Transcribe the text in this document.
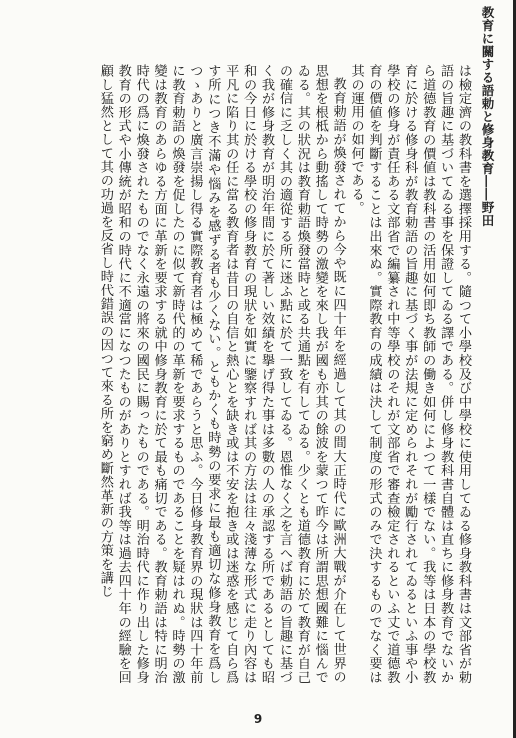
教育に關する語勅と修身教育――野田

は檢定濟の教科書を選擇採用する。隨つて小學校及び中學校に使用してゐる修身教科書は文部省が勅語の旨趣に基づいてゐる事を保證してゐる譯である。併し修身教科書自體は直ちに修身教育でないから道德教育の價値は教科書の活用如何即ち教師の働き如何によつて一樣でない。我等は日本の學校教育に於ける修身科が教育勅語の旨趣に基づく事が法規に定められそれが勵行されてゐるといふ事や小學校の修身が責任ある文部省で編纂され中等學校のそれが文部省で審查檢定されるといふ丈で道德教育の價値を判斷することは出來ぬ。實際教育の成績は決して制度の形式のみで決するものでなく要は其の運用の如何である。

教育勅語が煥發されてから今や既に四十年を經過して其の間大正時代に歐洲大戰が介在して世界の思想を根柢から動搖して時勢の激變を來し我が國も亦其の餘波を蒙つて昨今は所謂思想國難に惱んでゐる。其の狀況は教育勅語煥發當時と或る共通點を有してゐる。少くとも道德教育に於て教育が自己の確信に乏しく其の適從する所に迷ふ點に於て一致してゐる。恩惟なく之を言へば勅語の旨趣に基づく我が修身教育が明治年間に於て著しい效績を擧げ得た事は多數の人の承認する所であるとしても昭和の今日に於ける學校の修身教育の現狀を如實に鑒察すれば其の方法は往々淺薄な形式に走り內容は平凡に陷り其の任に當る教育者は昔日の自信と熱心とを缺き或は不安を抱き或は迷惑を感じて自ら爲す所につき不滿や惱みを感ずる者も少くない。ともかくも時勢の要求に最も適切な修身教育を爲しつゝありと廣言崇揚し得る實際教育者は極めて稀であらうと思ふ。今日修身教育界の現狀は四十年前に教育勅語の煥發を促したのに似て新時代的の革新を要求するものであることを疑はれぬ。時勢の激變は教育のあらゆる方面に革新を要求する就中修身教育に於て最も痛切である。教育勅語は特に明治時代の爲に煥發されたものでなく永遠の將來の國民に賜ったものである。明治時代に作り出した修身教育の形式や小傳統が昭和の時代に不適當になつたものがありとすれば我等は過去四十年の經驗を回顧し猛然として其の功過を反省し時代錯誤の因つて來る所を窮め斷然革新の方策を講じ

9
